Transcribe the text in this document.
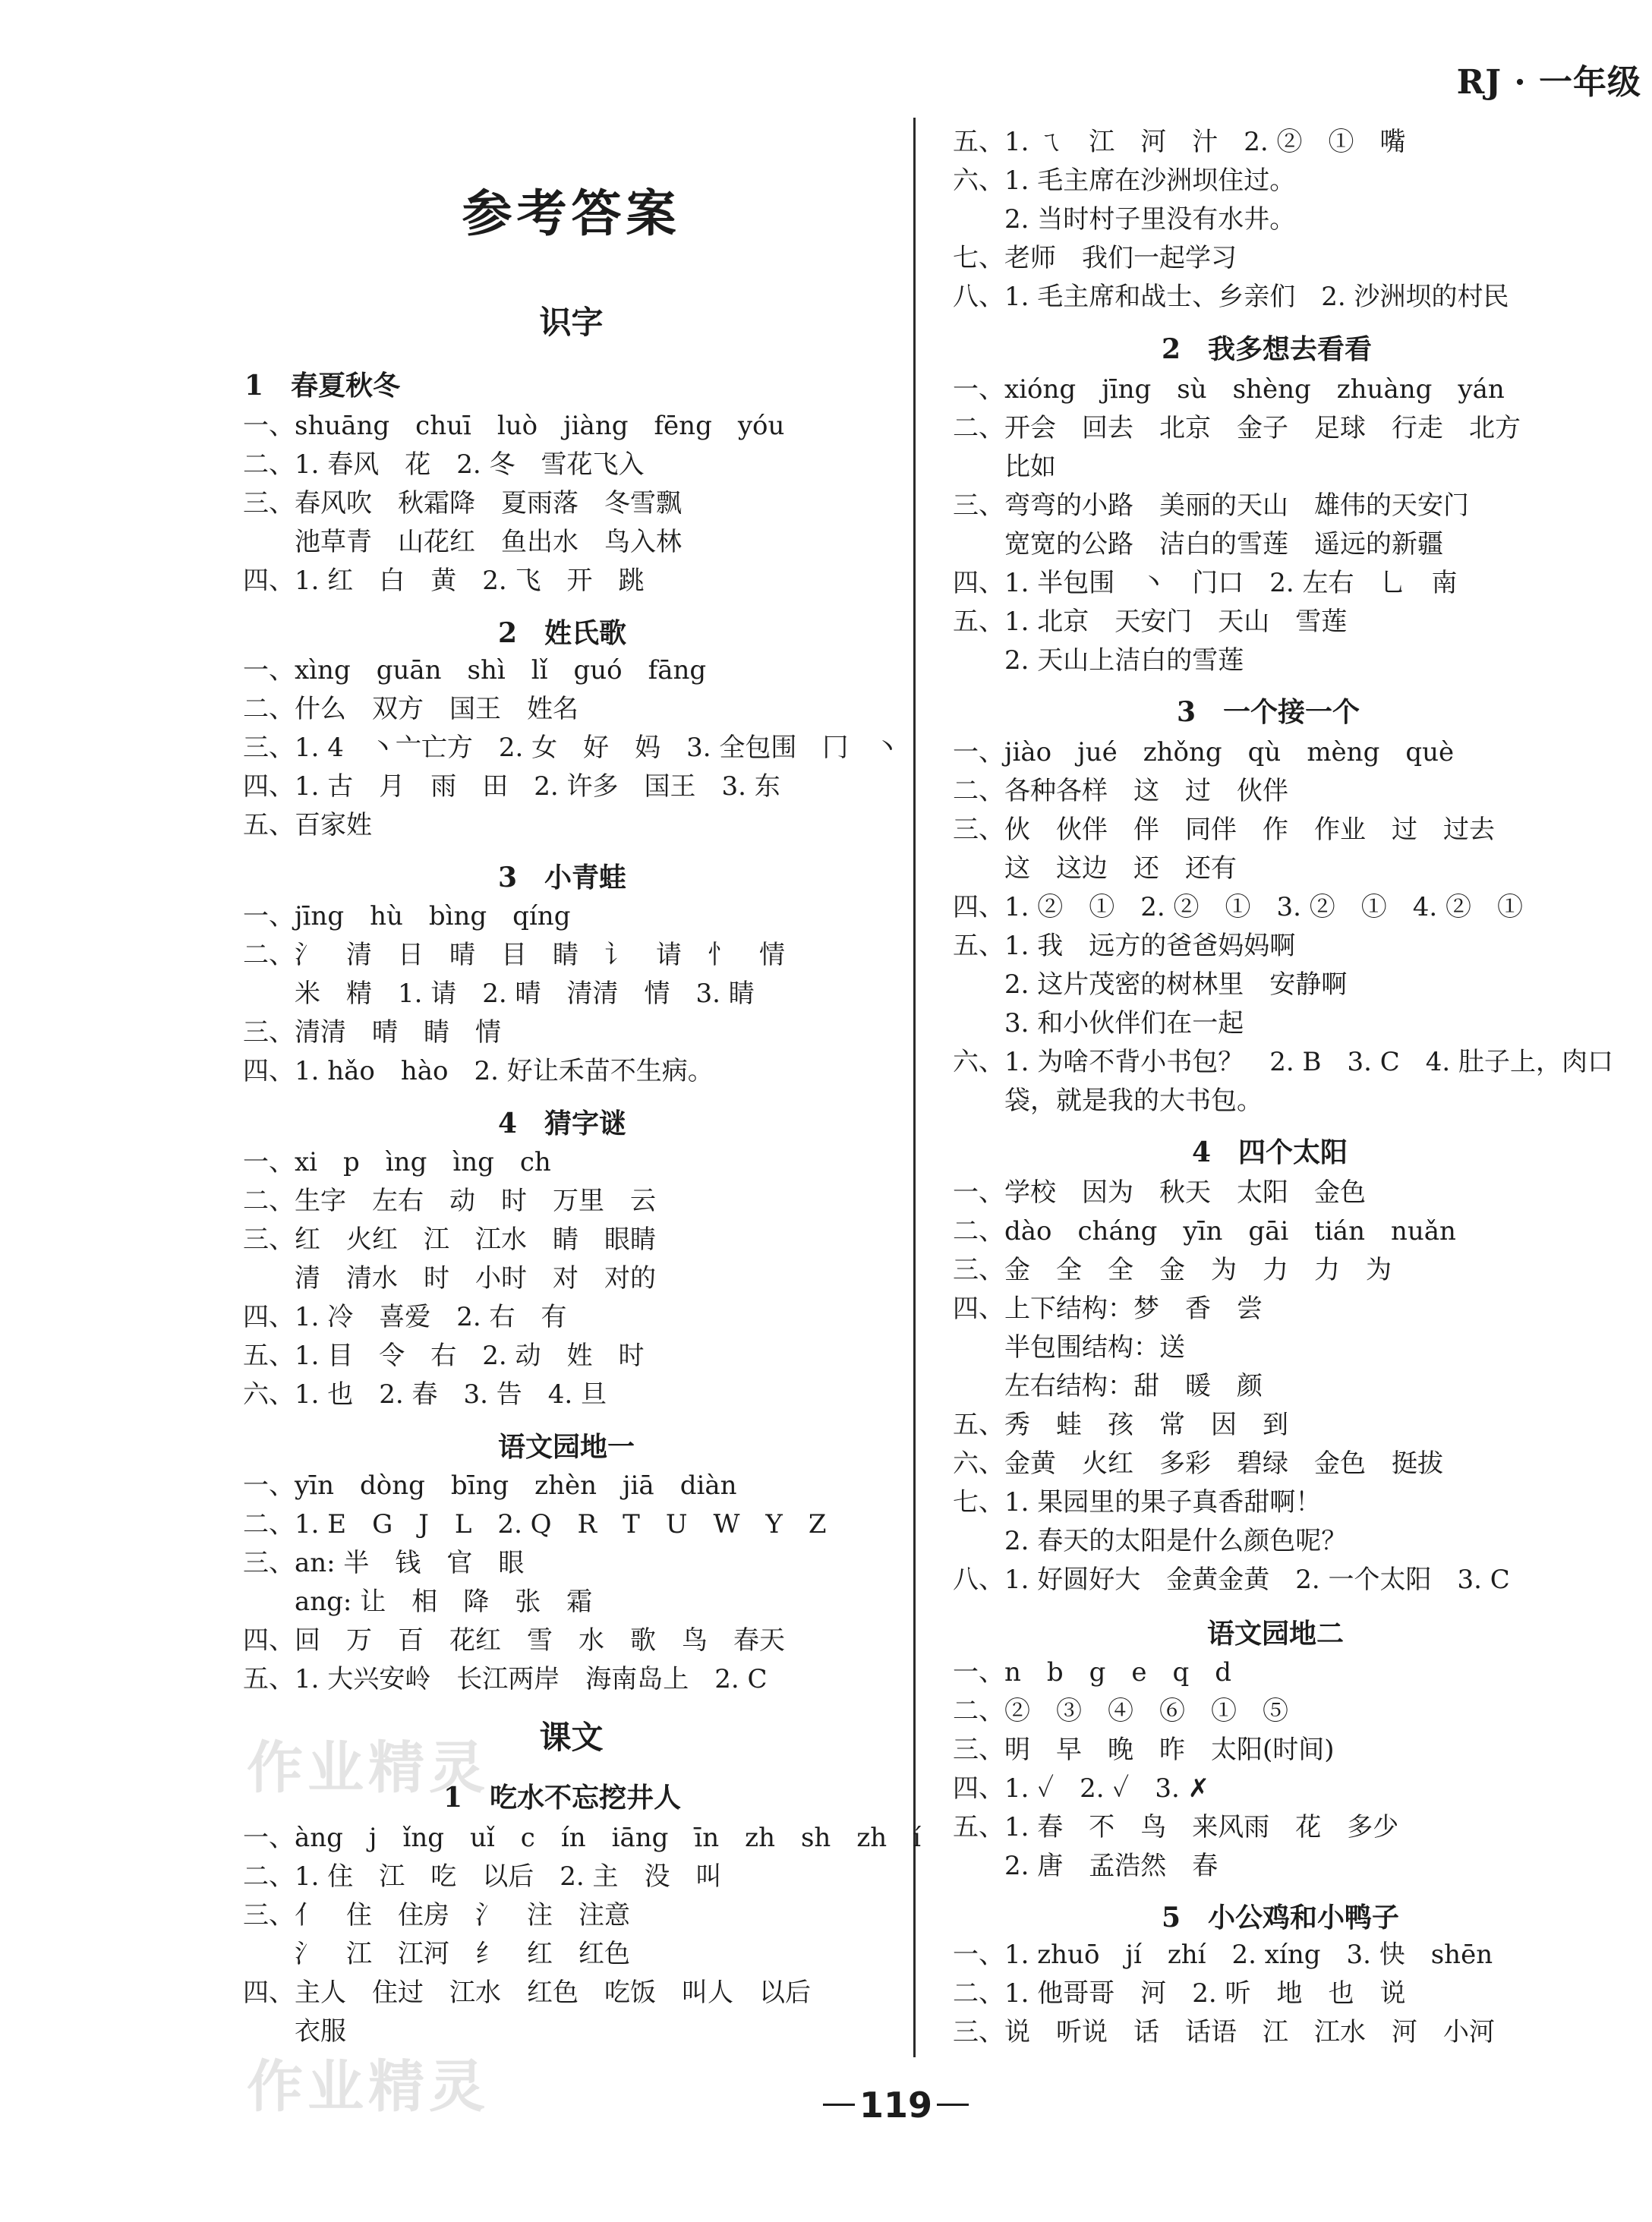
RJ · 一年级
参考答案
识字
1　春夏秋冬
一、shuāng　chuī　luò　jiàng　fēng　yóu
二、1. 春风　花　2. 冬　雪花飞入
三、春风吹　秋霜降　夏雨落　冬雪飘
　　池草青　山花红　鱼出水　鸟入林
四、1. 红　白　黄　2. 飞　开　跳
2　姓氏歌
一、xìng　guān　shì　lǐ　guó　fāng
二、什么　双方　国王　姓名
三、1. 4　丶亠亡方　2. 女　好　妈　3. 全包围　冂　丶
四、1. 古　月　雨　田　2. 许多　国王　3. 东
五、百家姓
3　小青蛙
一、jīng　hù　bìng　qíng
二、氵　清　日　晴　目　睛　讠　请　忄　情
　　米　精　1. 请　2. 晴　清清　情　3. 睛
三、清清　晴　睛　情
四、1. hǎo　hào　2. 好让禾苗不生病。
4　猜字谜
一、xi　p　ìng　ìng　ch
二、生字　左右　动　时　万里　云
三、红　火红　江　江水　睛　眼睛
　　清　清水　时　小时　对　对的
四、1. 冷　喜爱　2. 右　有
五、1. 目　令　右　2. 动　姓　时
六、1. 也　2. 春　3. 告　4. 旦
语文园地一
一、yīn　dòng　bīng　zhèn　jiā　diàn
二、1. E　G　J　L　2. Q　R　T　U　W　Y　Z
三、an: 半　钱　官　眼
　　ang: 让　相　降　张　霜
四、回　万　百　花红　雪　水　歌　鸟　春天
五、1. 大兴安岭　长江两岸　海南岛上　2. C
课文
1　吃水不忘挖井人
一、àng　j　ǐng　uǐ　c　ín　iāng　īn　zh　sh　zh　í
二、1. 住　江　吃　以后　2. 主　没　叫
三、亻　住　住房　氵　注　注意
　　氵　江　江河　纟　红　红色
四、主人　住过　江水　红色　吃饭　叫人　以后
　　衣服
五、1. ㄟ　江　河　汁　2. ②　①　嘴
六、1. 毛主席在沙洲坝住过。
　　2. 当时村子里没有水井。
七、老师　我们一起学习
八、1. 毛主席和战士、乡亲们　2. 沙洲坝的村民
2　我多想去看看
一、xióng　jīng　sù　shèng　zhuàng　yán
二、开会　回去　北京　金子　足球　行走　北方
　　比如
三、弯弯的小路　美丽的天山　雄伟的天安门
　　宽宽的公路　洁白的雪莲　遥远的新疆
四、1. 半包围　丶　门口　2. 左右　乚　南
五、1. 北京　天安门　天山　雪莲
　　2. 天山上洁白的雪莲
3　一个接一个
一、jiào　jué　zhǒng　qù　mèng　què
二、各种各样　这　过　伙伴
三、伙　伙伴　伴　同伴　作　作业　过　过去
　　这　这边　还　还有
四、1. ②　①　2. ②　①　3. ②　①　4. ②　①
五、1. 我　远方的爸爸妈妈啊
　　2. 这片茂密的树林里　安静啊
　　3. 和小伙伴们在一起
六、1. 为啥不背小书包？　2. B　3. C　4. 肚子上，肉口
　　袋，就是我的大书包。
4　四个太阳
一、学校　因为　秋天　太阳　金色
二、dào　cháng　yīn　gāi　tián　nuǎn
三、金　全　全　金　为　力　力　为
四、上下结构：梦　香　尝
　　半包围结构：送
　　左右结构：甜　暖　颜
五、秀　蛙　孩　常　因　到
六、金黄　火红　多彩　碧绿　金色　挺拔
七、1. 果园里的果子真香甜啊！
　　2. 春天的太阳是什么颜色呢？
八、1. 好圆好大　金黄金黄　2. 一个太阳　3. C
语文园地二
一、n　b　g　e　q　d
二、②　③　④　⑥　①　⑤
三、明　早　晚　昨　太阳(时间)
四、1. ✓　2. ✓　3. ✗
五、1. 春　不　鸟　来风雨　花　多少
　　2. 唐　孟浩然　春
5　小公鸡和小鸭子
一、1. zhuō　jí　zhí　2. xíng　3. 快　shēn
二、1. 他哥哥　河　2. 听　地　也　说
三、说　听说　话　话语　江　江水　河　小河
作业精灵
作业精灵	119
